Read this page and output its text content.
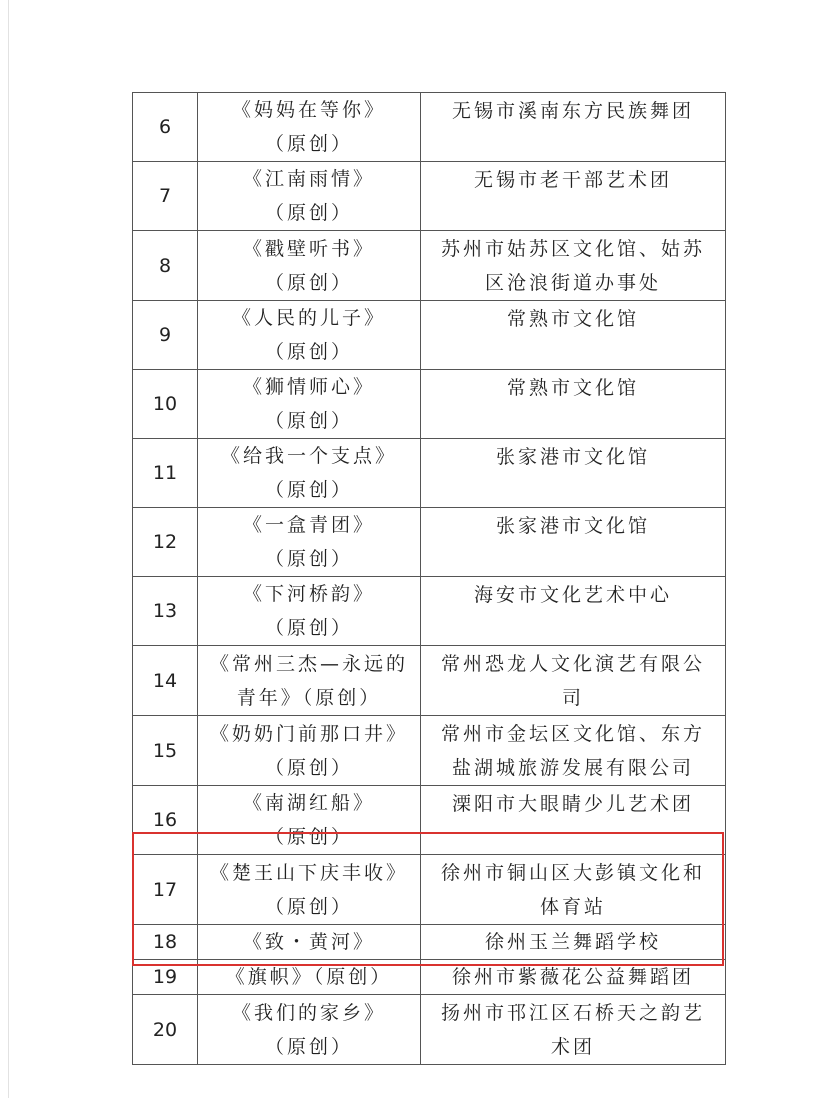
6	《妈妈在等你》
（原创）	无锡市溪南东方民族舞团

7	《江南雨情》
（原创）	无锡市老干部艺术团

8	《戳壁听书》
（原创）	苏州市姑苏区文化馆、姑苏
区沧浪街道办事处

9	《人民的儿子》
（原创）	常熟市文化馆

10	《狮情师心》
（原创）	常熟市文化馆

11	《给我一个支点》
（原创）	张家港市文化馆

12	《一盒青团》
（原创）	张家港市文化馆

13	《下河桥韵》
（原创）	海安市文化艺术中心

14	《常州三杰—永远的
青年》（原创）	常州恐龙人文化演艺有限公
司

15	《奶奶门前那口井》
（原创）	常州市金坛区文化馆、东方
盐湖城旅游发展有限公司

16	《南湖红船》
（原创）	溧阳市大眼睛少儿艺术团

17	《楚王山下庆丰收》
（原创）	徐州市铜山区大彭镇文化和
体育站

18	《致・黄河》	徐州玉兰舞蹈学校

19	《旗帜》（原创）	徐州市紫薇花公益舞蹈团

20	《我们的家乡》
（原创）	扬州市邗江区石桥天之韵艺
术团
